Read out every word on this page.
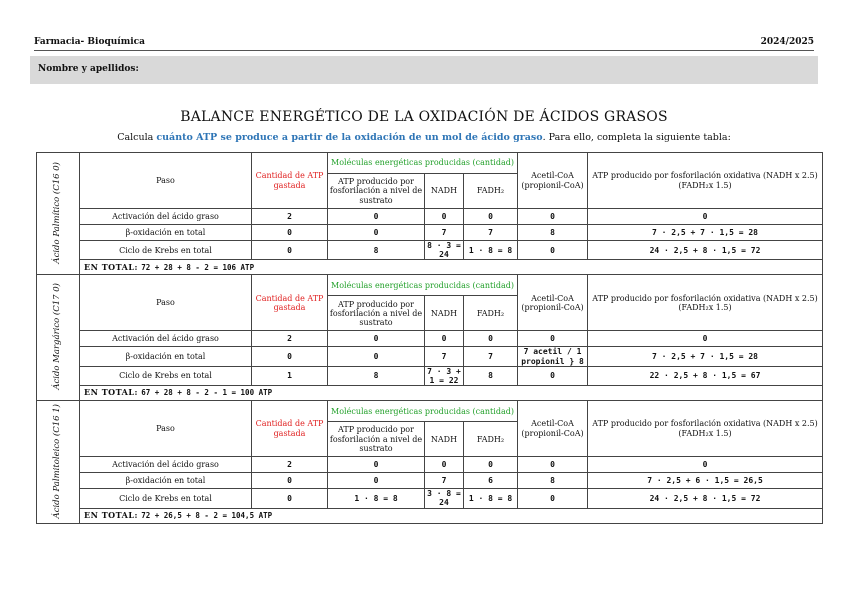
Farmacia- Bioquímica	2024/2025
Nombre y apellidos:
BALANCE ENERGÉTICO DE LA OXIDACIÓN DE ÁCIDOS GRASOS
Calcula cuánto ATP se produce a partir de la oxidación de un mol de ácido graso. Para ello, completa la siguiente tabla:
Ácido Palmítico (C16 0)	Paso	Cantidad de ATP gastada	Moléculas energéticas producidas (cantidad)			Acetil-CoA (propionil-CoA)	ATP producido por fosforilación oxidativa (NADH x 2.5) (FADH₂x 1.5)
			ATP producido por fosforilación a nivel de sustrato	NADH	FADH₂		
	Activación del ácido graso	2	0	0	0	0	0
	β-oxidación en total	0	0	7	7	8	7 · 2,5 + 7 · 1,5 = 28
	Ciclo de Krebs en total	0	8	8 · 3 = 24	1 · 8 = 8	0	24 · 2,5 + 8 · 1,5 = 72
	EN TOTAL: 72 + 28 + 8 - 2 = 106 ATP						
Ácido Margárico (C17 0)	Paso	Cantidad de ATP gastada	Moléculas energéticas producidas (cantidad)			Acetil-CoA (propionil-CoA)	ATP producido por fosforilación oxidativa (NADH x 2.5) (FADH₂x 1.5)
			ATP producido por fosforilación a nivel de sustrato	NADH	FADH₂		
	Activación del ácido graso	2	0	0	0	0	0
	β-oxidación en total	0	0	7	7	7 acetil / 1 propionil } 8	7 · 2,5 + 7 · 1,5 = 28
	Ciclo de Krebs en total	1	8	7 · 3 + 1 = 22	8	0	22 · 2,5 + 8 · 1,5 = 67
	EN TOTAL: 67 + 28 + 8 - 2 - 1 = 100 ATP						
Ácido Palmitoleico (C16 1)	Paso	Cantidad de ATP gastada	Moléculas energéticas producidas (cantidad)			Acetil-CoA (propionil-CoA)	ATP producido por fosforilación oxidativa (NADH x 2.5) (FADH₂x 1.5)
			ATP producido por fosforilación a nivel de sustrato	NADH	FADH₂		
	Activación del ácido graso	2	0	0	0	0	0
	β-oxidación en total	0	0	7	6	8	7 · 2,5 + 6 · 1,5 = 26,5
	Ciclo de Krebs en total	0	1 · 8 = 8	3 · 8 = 24	1 · 8 = 8	0	24 · 2,5 + 8 · 1,5 = 72
	EN TOTAL: 72 + 26,5 + 8 - 2 = 104,5 ATP						
